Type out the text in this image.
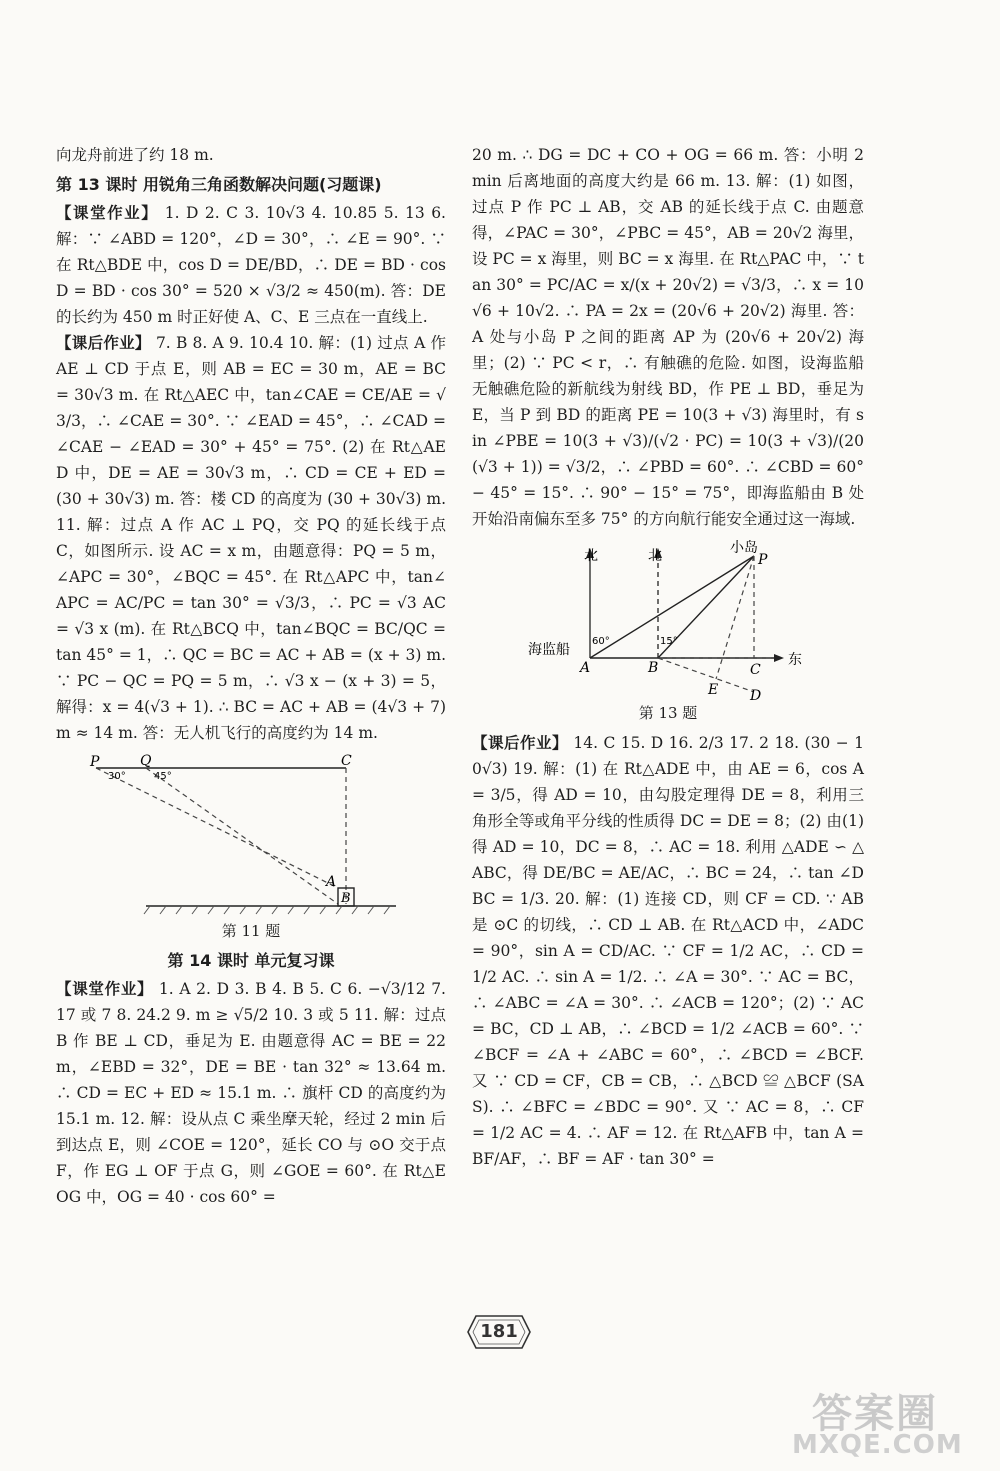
向龙舟前进了约 18 m.

第 13 课时 用锐角三角函数解决问题(习题课)

【课堂作业】 1. D 2. C 3. 10√3 4. 10.85 5. 13 6. 解：∵ ∠ABD = 120°，∠D = 30°，∴ ∠E = 90°. ∵ 在 Rt△BDE 中，cos D = DE/BD，∴ DE = BD · cos D = BD · cos 30° = 520 × √3/2 ≈ 450(m). 答：DE 的长约为 450 m 时正好使 A、C、E 三点在一直线上.

【课后作业】 7. B 8. A 9. 10.4 10. 解：(1) 过点 A 作 AE ⊥ CD 于点 E，则 AB = EC = 30 m，AE = BC = 30√3 m. 在 Rt△AEC 中，tan∠CAE = CE/AE = √3/3，∴ ∠CAE = 30°. ∵ ∠EAD = 45°，∴ ∠CAD = ∠CAE − ∠EAD = 30° + 45° = 75°. (2) 在 Rt△AED 中，DE = AE = 30√3 m，∴ CD = CE + ED = (30 + 30√3) m. 答：楼 CD 的高度为 (30 + 30√3) m. 11. 解：过点 A 作 AC ⊥ PQ，交 PQ 的延长线于点 C，如图所示. 设 AC = x m，由题意得：PQ = 5 m，∠APC = 30°，∠BQC = 45°. 在 Rt△APC 中，tan∠APC = AC/PC = tan 30° = √3/3，∴ PC = √3 AC = √3 x (m). 在 Rt△BCQ 中，tan∠BQC = BC/QC = tan 45° = 1，∴ QC = BC = AC + AB = (x + 3) m. ∵ PC − QC = PQ = 5 m，∴ √3 x − (x + 3) = 5，解得：x = 4(√3 + 1). ∴ BC = AC + AB = (4√3 + 7) m ≈ 14 m. 答：无人机飞行的高度约为 14 m.

P	Q	C
A
B
30°	45°
第 11 题
第 14 课时 单元复习课

【课堂作业】 1. A 2. D 3. B 4. B 5. C 6. −√3/12 7. 17 或 7 8. 24.2 9. m ≥ √5/2 10. 3 或 5 11. 解：过点 B 作 BE ⊥ CD，垂足为 E. 由题意得 AC = BE = 22 m，∠EBD = 32°，DE = BE · tan 32° ≈ 13.64 m. ∴ CD = EC + ED ≈ 15.1 m. ∴ 旗杆 CD 的高度约为 15.1 m. 12. 解：设从点 C 乘坐摩天轮，经过 2 min 后到达点 E，则 ∠COE = 120°，延长 CO 与 ⊙O 交于点 F，作 EG ⊥ OF 于点 G，则 ∠GOE = 60°. 在 Rt△EOG 中，OG = 40 · cos 60° =

20 m. ∴ DG = DC + CO + OG = 66 m. 答：小明 2 min 后离地面的高度大约是 66 m. 13. 解：(1) 如图，过点 P 作 PC ⊥ AB，交 AB 的延长线于点 C. 由题意得，∠PAC = 30°，∠PBC = 45°，AB = 20√2 海里，设 PC = x 海里，则 BC = x 海里. 在 Rt△PAC 中，∵ tan 30° = PC/AC = x/(x + 20√2) = √3/3，∴ x = 10√6 + 10√2. ∴ PA = 2x = (20√6 + 20√2) 海里. 答：A 处与小岛 P 之间的距离 AP 为 (20√6 + 20√2) 海里；(2) ∵ PC < r，∴ 有触礁的危险. 如图，设海监船无触礁危险的新航线为射线 BD，作 PE ⊥ BD，垂足为 E，当 P 到 BD 的距离 PE = 10(3 + √3) 海里时，有 sin ∠PBE = 10(3 + √3)/(√2 · PC) = 10(3 + √3)/(20(√3 + 1)) = √3/2，∴ ∠PBD = 60°. ∴ ∠CBD = 60° − 45° = 15°. ∴ 90° − 15° = 75°，即海监船由 B 处开始沿南偏东至多 75° 的方向航行能安全通过这一海域.

北	北	小岛
P
海监船
A	B	C
东
E D
60°	15°
第 13 题

【课后作业】 14. C 15. D 16. 2/3 17. 2 18. (30 − 10√3) 19. 解：(1) 在 Rt△ADE 中，由 AE = 6，cos A = 3/5，得 AD = 10，由勾股定理得 DE = 8，利用三角形全等或角平分线的性质得 DC = DE = 8；(2) 由(1)得 AD = 10，DC = 8，∴ AC = 18. 利用 △ADE ∽ △ABC，得 DE/BC = AE/AC，∴ BC = 24，∴ tan ∠DBC = 1/3. 20. 解：(1) 连接 CD，则 CF = CD. ∵ AB 是 ⊙C 的切线，∴ CD ⊥ AB. 在 Rt△ACD 中，∠ADC = 90°，sin A = CD/AC. ∵ CF = 1/2 AC，∴ CD = 1/2 AC. ∴ sin A = 1/2. ∴ ∠A = 30°. ∵ AC = BC，∴ ∠ABC = ∠A = 30°. ∴ ∠ACB = 120°；(2) ∵ AC = BC，CD ⊥ AB，∴ ∠BCD = 1/2 ∠ACB = 60°. ∵ ∠BCF = ∠A + ∠ABC = 60°，∴ ∠BCD = ∠BCF. 又 ∵ CD = CF，CB = CB，∴ △BCD ≌ △BCF (SAS). ∴ ∠BFC = ∠BDC = 90°. 又 ∵ AC = 8，∴ CF = 1/2 AC = 4. ∴ AF = 12. 在 Rt△AFB 中，tan A = BF/AF，∴ BF = AF · tan 30° =

181
答案圈
MXQE.COM
